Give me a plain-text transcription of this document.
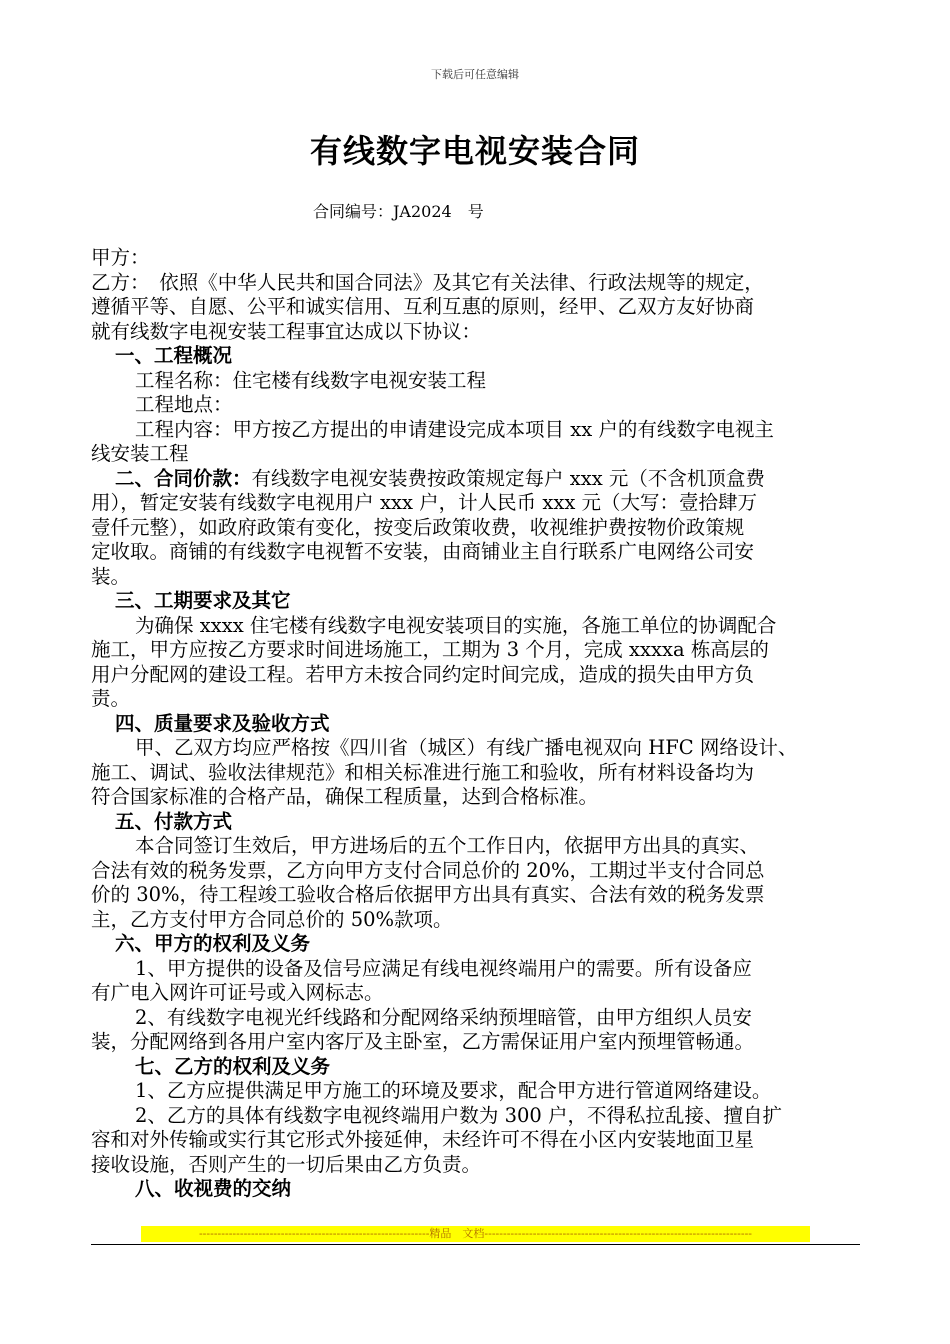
下载后可任意编辑
有线数字电视安装合同
合同编号：JA2024　号
甲方：
乙方：　依照《中华人民共和国合同法》及其它有关法律、行政法规等的规定，
遵循平等、自愿、公平和诚实信用、互利互惠的原则，经甲、乙双方友好协商
就有线数字电视安装工程事宜达成以下协议：
一、工程概况
工程名称：住宅楼有线数字电视安装工程
工程地点：
工程内容：甲方按乙方提出的申请建设完成本项目 xx 户的有线数字电视主
线安装工程
二、合同价款：有线数字电视安装费按政策规定每户 xxx 元（不含机顶盒费
用），暂定安装有线数字电视用户 xxx 户，计人民币 xxx 元（大写：壹拾肆万
壹仟元整），如政府政策有变化，按变后政策收费，收视维护费按物价政策规
定收取。商铺的有线数字电视暂不安装，由商铺业主自行联系广电网络公司安
装。
三、工期要求及其它
为确保 xxxx 住宅楼有线数字电视安装项目的实施，各施工单位的协调配合
施工，甲方应按乙方要求时间进场施工，工期为 3 个月，完成 xxxxa 栋高层的
用户分配网的建设工程。若甲方未按合同约定时间完成，造成的损失由甲方负
责。
四、质量要求及验收方式
甲、乙双方均应严格按《四川省（城区）有线广播电视双向 HFC 网络设计、
施工、调试、验收法律规范》和相关标准进行施工和验收，所有材料设备均为
符合国家标准的合格产品，确保工程质量，达到合格标准。
五、付款方式
本合同签订生效后，甲方进场后的五个工作日内，依据甲方出具的真实、
合法有效的税务发票，乙方向甲方支付合同总价的 20%，工期过半支付合同总
价的 30%，待工程竣工验收合格后依据甲方出具有真实、合法有效的税务发票
主，乙方支付甲方合同总价的 50%款项。
六、甲方的权利及义务
1、甲方提供的设备及信号应满足有线电视终端用户的需要。所有设备应
有广电入网许可证号或入网标志。
2、有线数字电视光纤线路和分配网络采纳预埋暗管，由甲方组织人员安
装，分配网络到各用户室内客厅及主卧室，乙方需保证用户室内预埋管畅通。
七、乙方的权利及义务
1、乙方应提供满足甲方施工的环境及要求，配合甲方进行管道网络建设。
2、乙方的具体有线数字电视终端用户数为 300 户，不得私拉乱接、擅自扩
容和对外传输或实行其它形式外接延伸，未经许可不得在小区内安装地面卫星
接收设施，否则产生的一切后果由乙方负责。
八、收视费的交纳
--------------------------------------------------------------精品　文档------------------------------------------------------------------------
